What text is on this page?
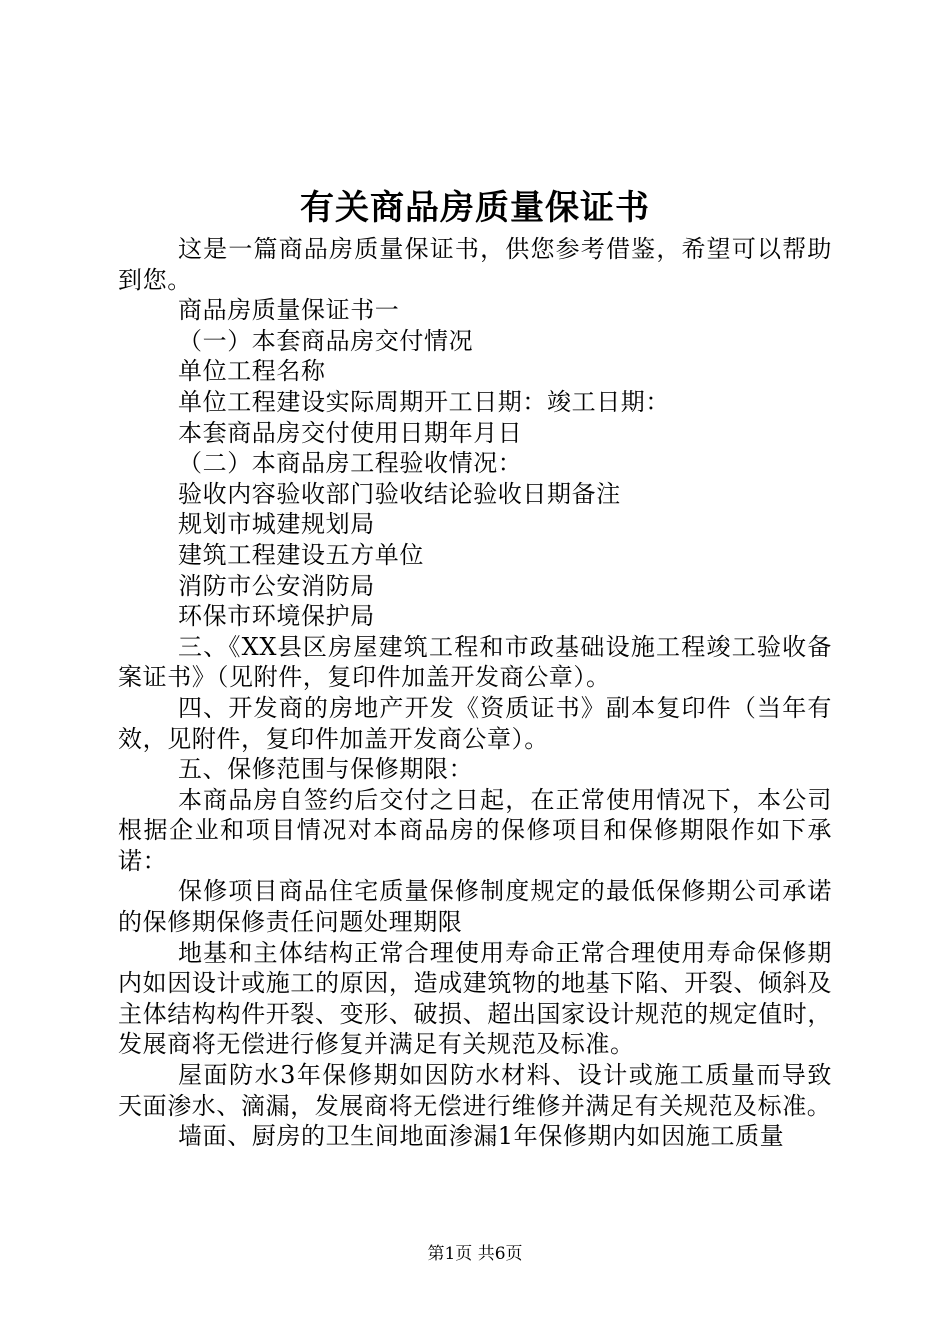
有关商品房质量保证书

这是一篇商品房质量保证书，供您参考借鉴，希望可以帮助到您。

商品房质量保证书一

（一）本套商品房交付情况

单位工程名称

单位工程建设实际周期开工日期：竣工日期：

本套商品房交付使用日期年月日

（二）本商品房工程验收情况：

验收内容验收部门验收结论验收日期备注

规划市城建规划局

建筑工程建设五方单位

消防市公安消防局

环保市环境保护局

三、《XX县区房屋建筑工程和市政基础设施工程竣工验收备案证书》（见附件，复印件加盖开发商公章）。

四、开发商的房地产开发《资质证书》副本复印件（当年有效，见附件，复印件加盖开发商公章）。

五、保修范围与保修期限：

本商品房自签约后交付之日起，在正常使用情况下，本公司根据企业和项目情况对本商品房的保修项目和保修期限作如下承诺：

保修项目商品住宅质量保修制度规定的最低保修期公司承诺的保修期保修责任问题处理期限

地基和主体结构正常合理使用寿命正常合理使用寿命保修期内如因设计或施工的原因，造成建筑物的地基下陷、开裂、倾斜及主体结构构件开裂、变形、破损、超出国家设计规范的规定值时，发展商将无偿进行修复并满足有关规范及标准。

屋面防水3年保修期如因防水材料、设计或施工质量而导致天面渗水、滴漏，发展商将无偿进行维修并满足有关规范及标准。

墙面、厨房的卫生间地面渗漏1年保修期内如因施工质量

第1页 共6页
